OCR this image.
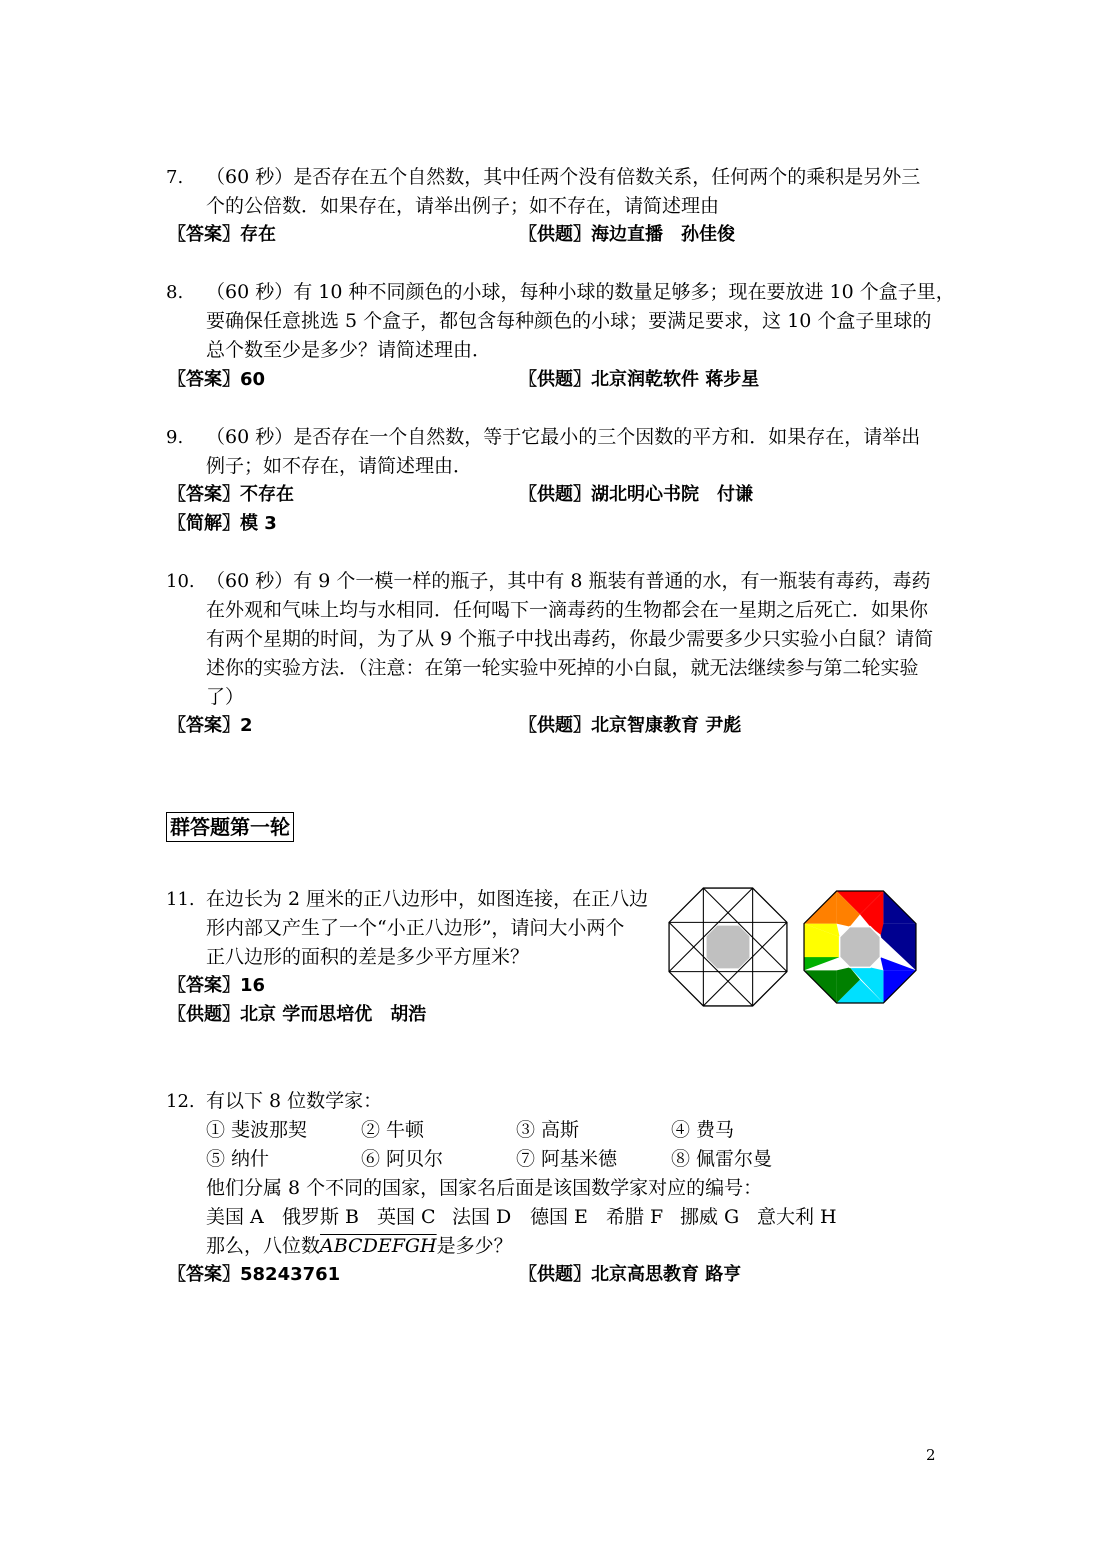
7. （60 秒）是否存在五个自然数，其中任两个没有倍数关系，任何两个的乘积是另外三
个的公倍数．如果存在，请举出例子；如不存在，请简述理由
〖答案〗存在	〖供题〗海边直播　孙佳俊
8. （60 秒）有 10 种不同颜色的小球，每种小球的数量足够多；现在要放进 10 个盒子里，
要确保任意挑选 5 个盒子，都包含每种颜色的小球；要满足要求，这 10 个盒子里球的
总个数至少是多少？请简述理由．
〖答案〗60	〖供题〗北京润乾软件 蒋步星
9. （60 秒）是否存在一个自然数，等于它最小的三个因数的平方和．如果存在，请举出
例子；如不存在，请简述理由．
〖答案〗不存在	〖供题〗湖北明心书院　付谦
〖简解〗模 3
10. （60 秒）有 9 个一模一样的瓶子，其中有 8 瓶装有普通的水，有一瓶装有毒药，毒药
在外观和气味上均与水相同．任何喝下一滴毒药的生物都会在一星期之后死亡．如果你
有两个星期的时间，为了从 9 个瓶子中找出毒药，你最少需要多少只实验小白鼠？请简
述你的实验方法．（注意：在第一轮实验中死掉的小白鼠，就无法继续参与第二轮实验
了）
〖答案〗2	〖供题〗北京智康教育 尹彪
群答题第一轮
11. 在边长为 2 厘米的正八边形中，如图连接，在正八边
形内部又产生了一个“小正八边形”，请问大小两个
正八边形的面积的差是多少平方厘米？
〖答案〗16
〖供题〗北京 学而思培优　胡浩
12. 有以下 8 位数学家：
① 斐波那契	② 牛顿	③ 高斯	④ 费马
⑤ 纳什	⑥ 阿贝尔	⑦ 阿基米德	⑧ 佩雷尔曼
他们分属 8 个不同的国家，国家名后面是该国数学家对应的编号：
美国 A 俄罗斯 B 英国 C 法国 D 德国 E 希腊 F 挪威 G 意大利 H
那么，八位数ABCDEFGH是多少？
〖答案〗58243761	〖供题〗北京高思教育 路亨
2
